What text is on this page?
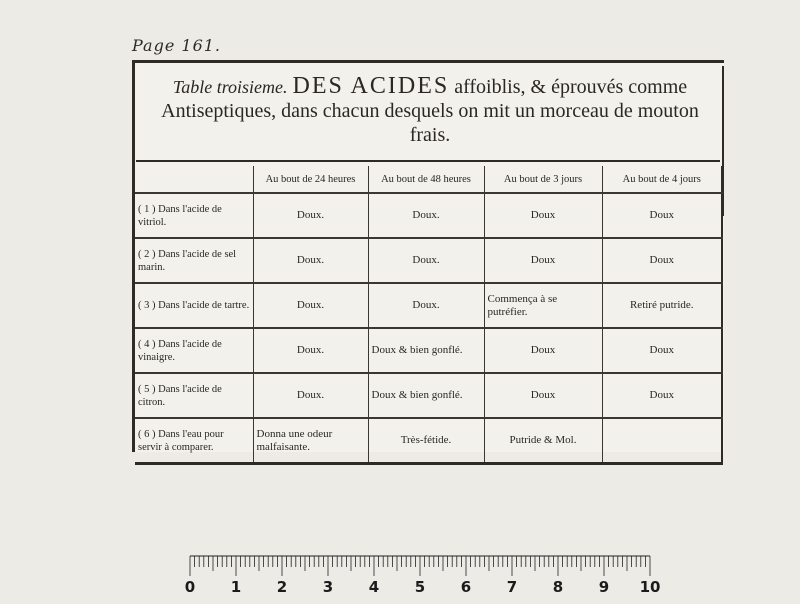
Page 161.
Table troisieme. DES ACIDES affoiblis, & éprouvés comme Antiseptiques, dans chacun desquels on mit un morceau de mouton frais.
	Au bout de 24 heures	Au bout de 48 heures	Au bout de 3 jours	Au bout de 4 jours
( 1 ) Dans l'acide de vitriol.	Doux.	Doux.	Doux	Doux
( 2 ) Dans l'acide de sel marin.	Doux.	Doux.	Doux	Doux
( 3 ) Dans l'acide de tartre.	Doux.	Doux.	Commença à se putréfier.	Retiré putride.
( 4 ) Dans l'acide de vinaigre.	Doux.	Doux & bien gonflé.	Doux	Doux
( 5 ) Dans l'acide de citron.	Doux.	Doux & bien gonflé.	Doux	Doux
( 6 ) Dans l'eau pour servir à comparer.	Donna une odeur malfaisante.	Très-fétide.	Putride & Mol.	
0 1 2 3 4 5 6 7 8 9 10
